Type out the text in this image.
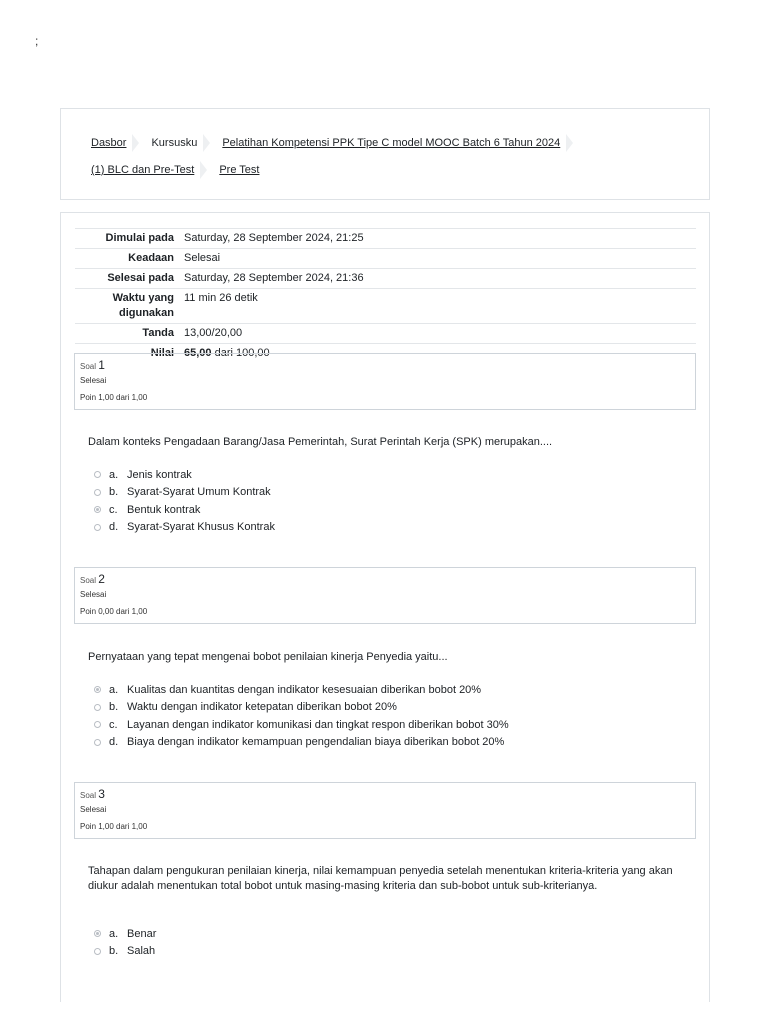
;
Dasbor Kursusku Pelatihan Kompetensi PPK Tipe C model MOOC Batch 6 Tahun 2024
(1) BLC dan Pre-Test Pre Test
Dimulai pada Saturday, 28 September 2024, 21:25
Keadaan Selesai
Selesai pada Saturday, 28 September 2024, 21:36
Waktu yang
digunakan
11 min 26 detik
Tanda 13,00/20,00
Nilai 65,00 dari 100,00
Soal 1
Selesai
Poin 1,00 dari 1,00
Dalam konteks Pengadaan Barang/Jasa Pemerintah, Surat Perintah Kerja (SPK) merupakan....
a. Jenis kontrak
b. Syarat-Syarat Umum Kontrak
c. Bentuk kontrak
d. Syarat-Syarat Khusus Kontrak
Soal 2
Selesai
Poin 0,00 dari 1,00
Pernyataan yang tepat mengenai bobot penilaian kinerja Penyedia yaitu...
a. Kualitas dan kuantitas dengan indikator kesesuaian diberikan bobot 20%
b. Waktu dengan indikator ketepatan diberikan bobot 20%
c. Layanan dengan indikator komunikasi dan tingkat respon diberikan bobot 30%
d. Biaya dengan indikator kemampuan pengendalian biaya diberikan bobot 20%
Soal 3
Selesai
Poin 1,00 dari 1,00
Tahapan dalam pengukuran penilaian kinerja, nilai kemampuan penyedia setelah menentukan kriteria-kriteria yang akan diukur adalah menentukan total bobot untuk masing-masing kriteria dan sub-bobot untuk sub-kriterianya.
a. Benar
b. Salah
